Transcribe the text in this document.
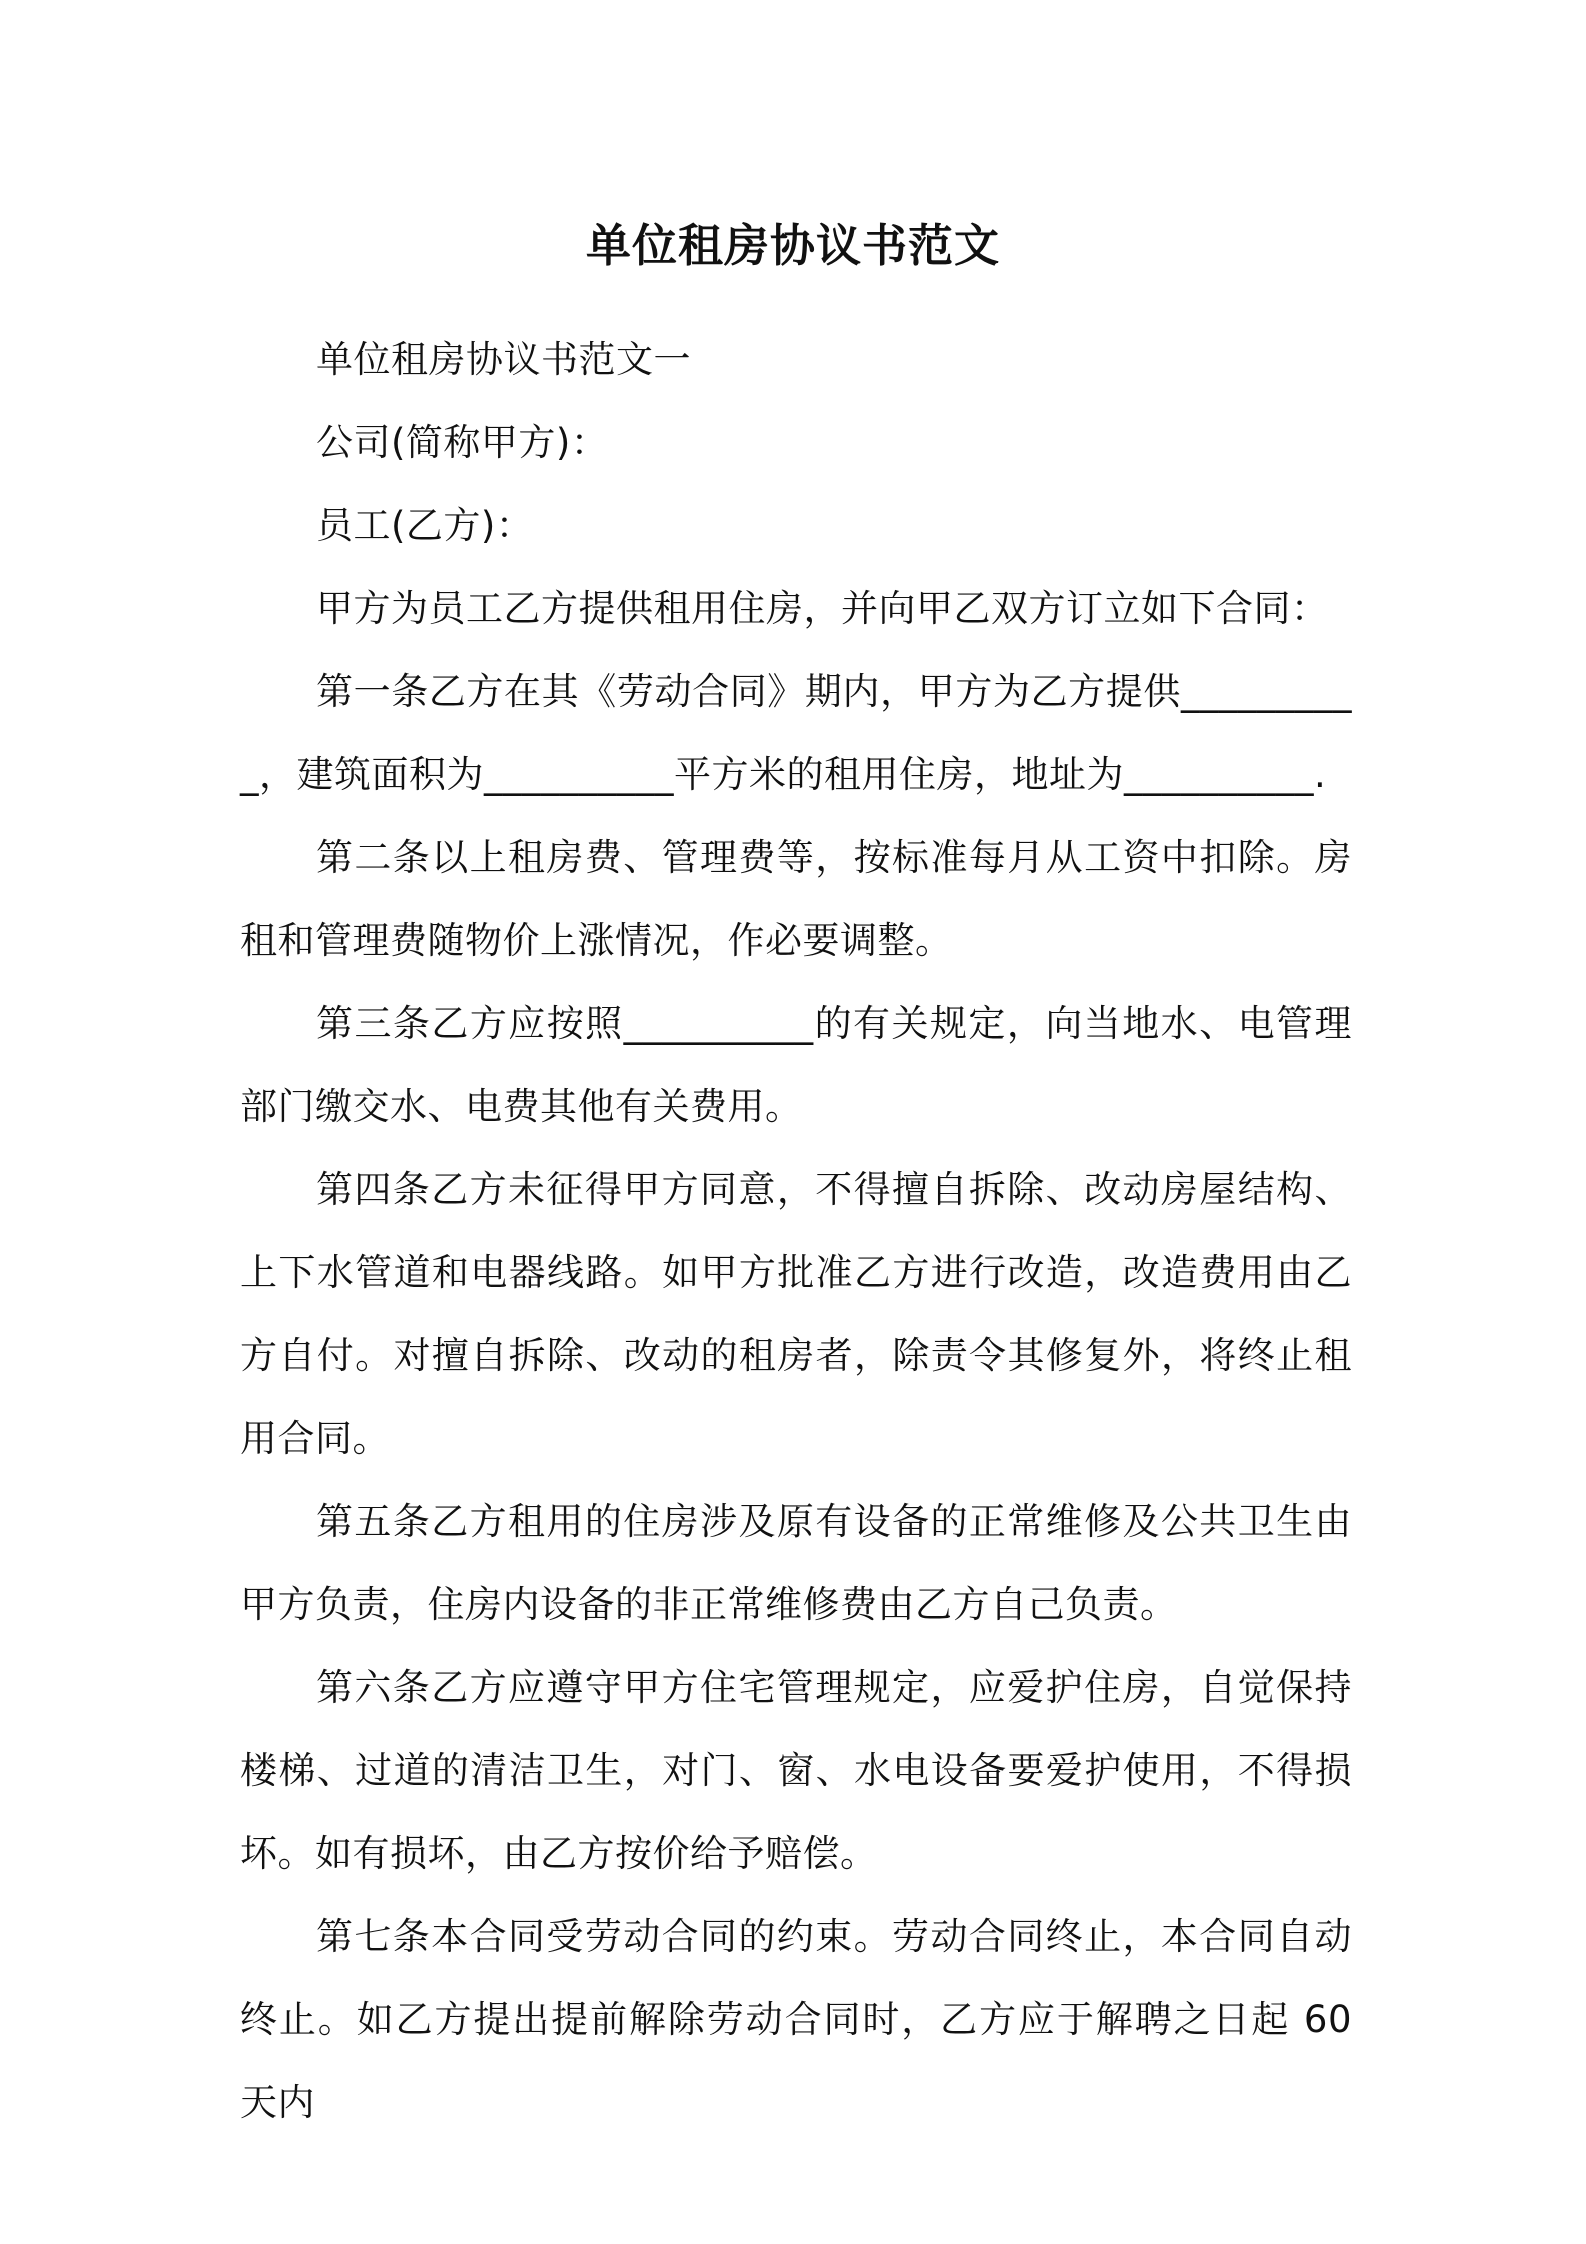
单位租房协议书范文

单位租房协议书范文一

公司(简称甲方)：

员工(乙方)：

甲方为员工乙方提供租用住房，并向甲乙双方订立如下合同：

第一条乙方在其《劳动合同》期内，甲方为乙方提供__________，建筑面积为__________平方米的租用住房，地址为__________.

第二条以上租房费、管理费等，按标准每月从工资中扣除。房租和管理费随物价上涨情况，作必要调整。

第三条乙方应按照__________的有关规定，向当地水、电管理部门缴交水、电费其他有关费用。

第四条乙方未征得甲方同意，不得擅自拆除、改动房屋结构、上下水管道和电器线路。如甲方批准乙方进行改造，改造费用由乙方自付。对擅自拆除、改动的租房者，除责令其修复外，将终止租用合同。

第五条乙方租用的住房涉及原有设备的正常维修及公共卫生由甲方负责，住房内设备的非正常维修费由乙方自己负责。

第六条乙方应遵守甲方住宅管理规定，应爱护住房，自觉保持楼梯、过道的清洁卫生，对门、窗、水电设备要爱护使用，不得损坏。如有损坏，由乙方按价给予赔偿。

第七条本合同受劳动合同的约束。劳动合同终止，本合同自动终止。如乙方提出提前解除劳动合同时，乙方应于解聘之日起 60 天内
